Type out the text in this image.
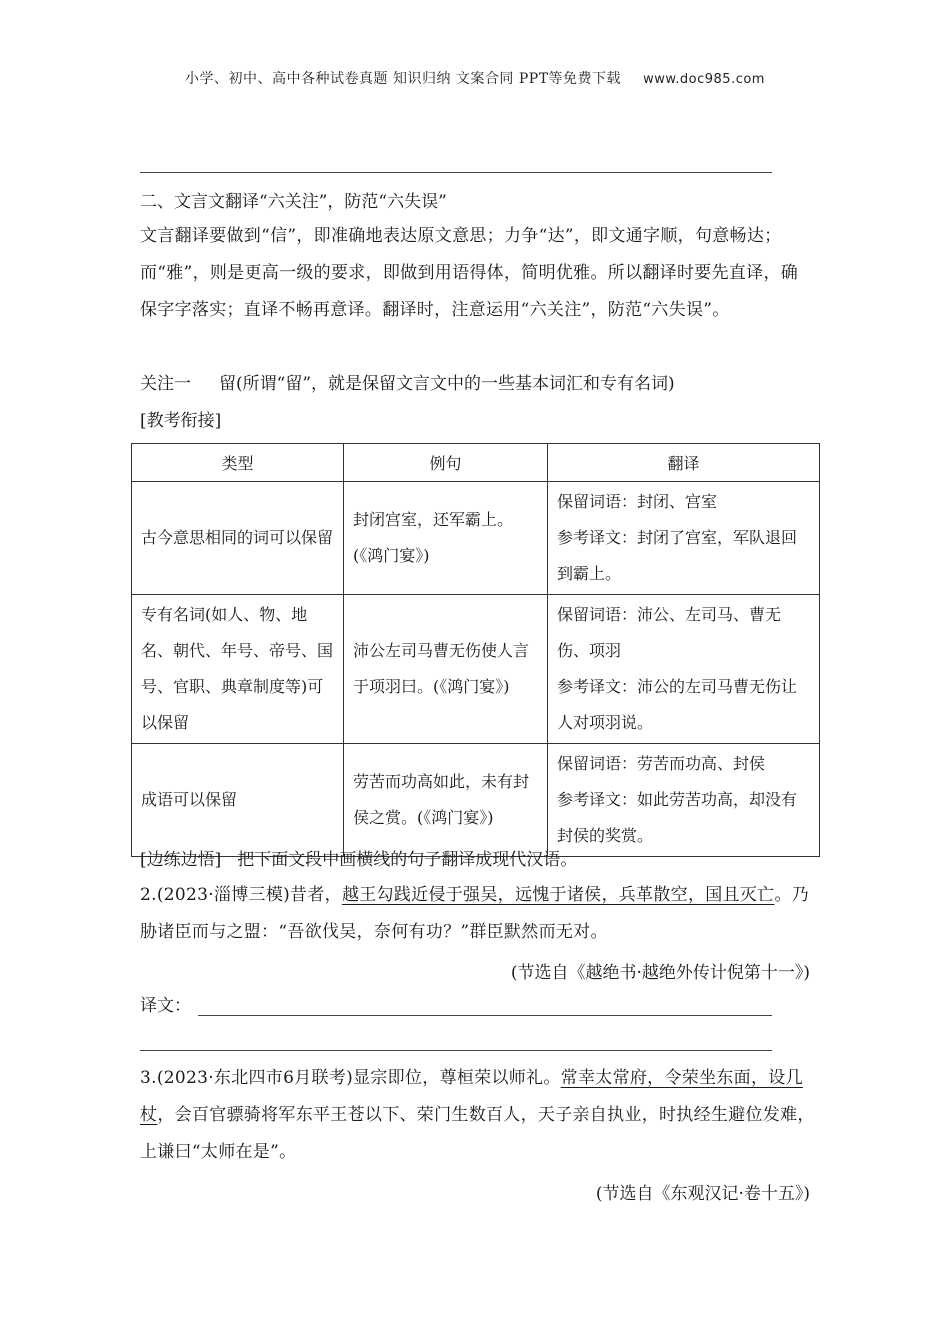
小学、初中、高中各种试卷真题 知识归纳 文案合同 PPT等免费下载 www.doc985.com
二、文言文翻译“六关注”，防范“六失误”
文言翻译要做到“信”，即准确地表达原文意思；力争“达”，即文通字顺，句意畅达；而“雅”，则是更高一级的要求，即做到用语得体，简明优雅。所以翻译时要先直译，确保字字落实；直译不畅再意译。翻译时，注意运用“六关注”，防范“六失误”。
关注一 留(所谓“留”，就是保留文言文中的一些基本词汇和专有名词)
[教考衔接]
类型	例句	翻译
古今意思相同的词可以保留	封闭宫室，还军霸上。(《鸿门宴》)	保留词语：封闭、宫室
参考译文：封闭了宫室，军队退回到霸上。

专有名词(如人、物、地名、朝代、年号、帝号、国号、官职、典章制度等)可以保留	沛公左司马曹无伤使人言于项羽曰。(《鸿门宴》)	保留词语：沛公、左司马、曹无伤、项羽
参考译文：沛公的左司马曹无伤让人对项羽说。

成语可以保留	劳苦而功高如此，未有封侯之赏。(《鸿门宴》)	保留词语：劳苦而功高、封侯
参考译文：如此劳苦功高，却没有封侯的奖赏。
[边练边悟] 把下面文段中画横线的句子翻译成现代汉语。
2.(2023·淄博三模)昔者，越王勾践近侵于强吴，远愧于诸侯，兵革散空，国且灭亡。乃胁诸臣而与之盟：“吾欲伐吴，奈何有功？”群臣默然而无对。
(节选自《越绝书·越绝外传计倪第十一》)
译文：
3.(2023·东北四市6月联考)显宗即位，尊桓荣以师礼。常幸太常府，令荣坐东面，设几杖，会百官骠骑将军东平王苍以下、荣门生数百人，天子亲自执业，时执经生避位发难，上谦曰“太师在是”。
(节选自《东观汉记·卷十五》)
